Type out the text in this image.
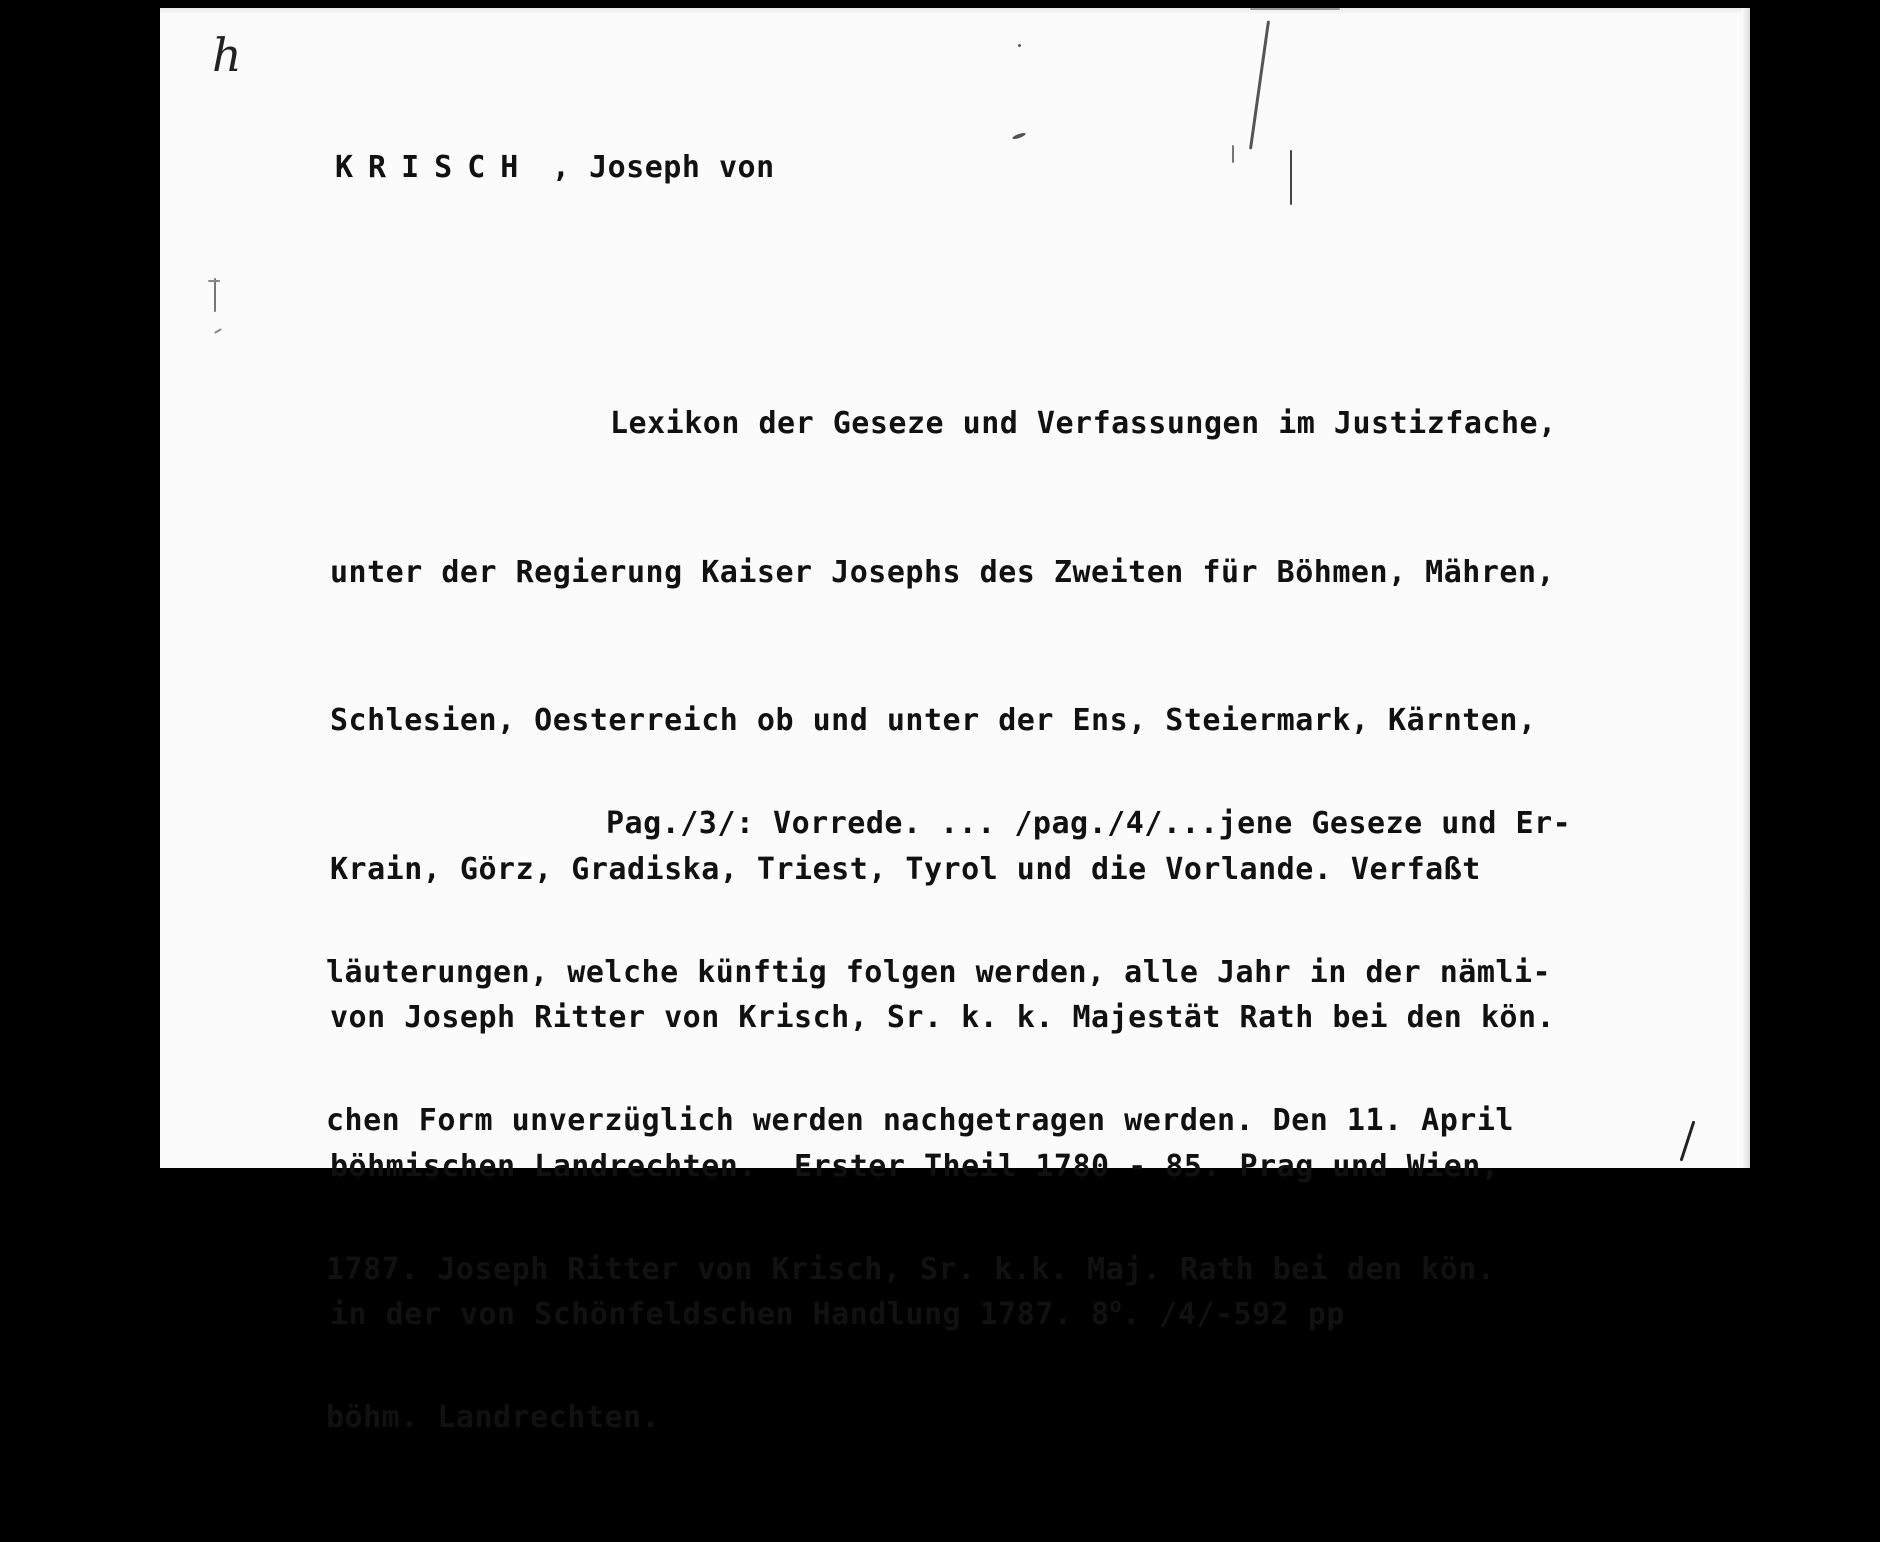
h
KRISCH , Joseph von

Lexikon der Geseze und Verfassungen im Justizfache,

unter der Regierung Kaiser Josephs des Zweiten für Böhmen, Mähren,

Schlesien, Oesterreich ob und unter der Ens, Steiermark, Kärnten,

Krain, Görz, Gradiska, Triest, Tyrol und die Vorlande. Verfaßt

von Joseph Ritter von Krisch, Sr. k. k. Majestät Rath bei den kön.

böhmischen Landrechten.  Erster Theil 1780 - 85. Prag und Wien,

in der von Schönfeldschen Handlung 1787. 8$^o$. /4/-592 pp

Pag./3/: Vorrede. ... /pag./4/...jene Geseze und Er-

läuterungen, welche künftig folgen werden, alle Jahr in der nämli-

chen Form unverzüglich werden nachgetragen werden. Den 11. April

1787. Joseph Ritter von Krisch, Sr. k.k. Maj. Rath bei den kön.

böhm. Landrechten.
